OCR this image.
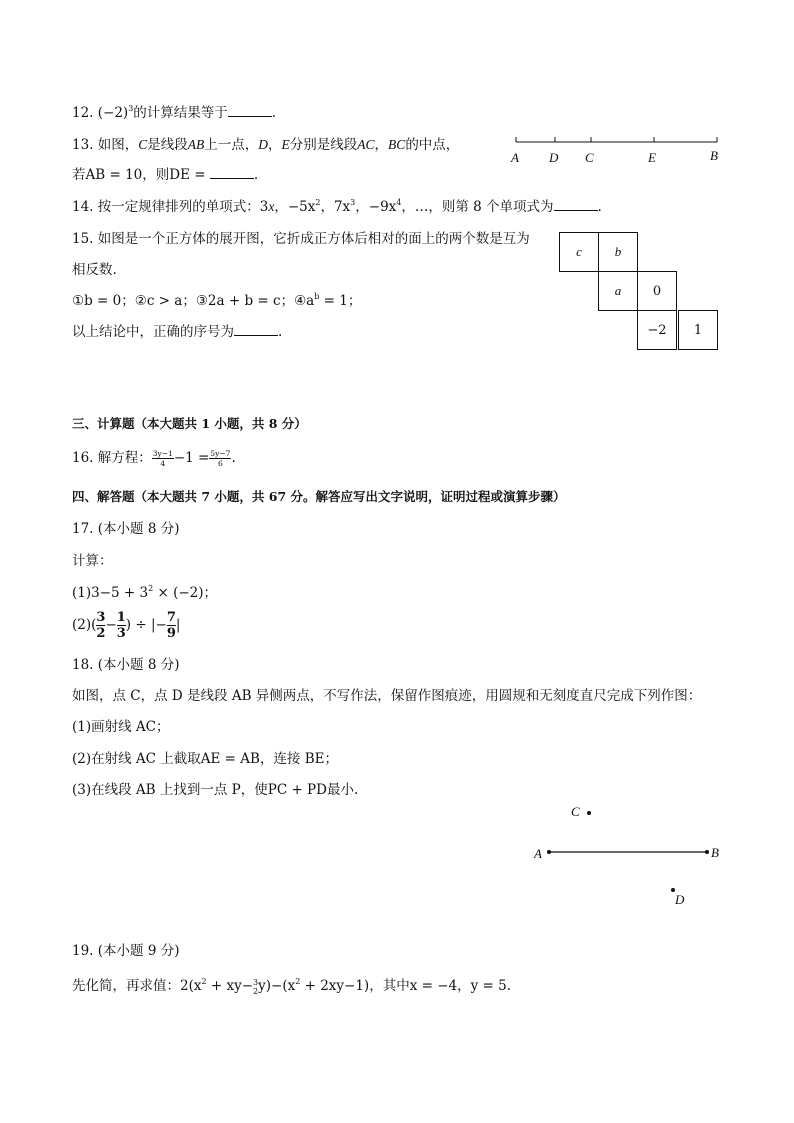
12. $(-2)^3$的计算结果等于	.
13. 如图，C是线段AB上一点，D，E分别是线段AC，BC的中点，
若AB = 10，则DE =	.
A D C	E	B
14. 按一定规律排列的单项式：3x，$-5x^2$，$7x^3$，$-9x^4$，…，则第 8 个单项式为	.
15. 如图是一个正方体的展开图，它折成正方体后相对的面上的两个数是互为
相反数.
①b = 0；②c > a；③2a + b = c；$④a^b = 1$；
以上结论中，正确的序号为	.
c	b
a	0
−2	1
三、计算题（本大题共 1 小题，共 8 分）
16. 解方程： $\frac{3y-1}{4} -1 = \frac{5y-7}{6}$ .
四、解答题（本大题共 7 小题，共 67 分。解答应写出文字说明，证明过程或演算步骤）
17. (本小题 8 分)
计算：
$(1)3-5 + 3^2 \times (-2)$；
$(2)( \frac{3}{2} - \frac{1}{3}$ ) ÷ |− $\frac{7}{9}$ |
18. (本小题 8 分)
如图，点 C，点 D 是线段 AB 异侧两点，不写作法，保留作图痕迹，用圆规和无刻度直尺完成下列作图：
(1)画射线 AC；
(2)在射线 AC 上截取AE = AB，连接 BE；
(3)在线段 AB 上找到一点 P，使PC + PD最小.
C
A	B
D
19. (本小题 9 分)
先化简，再求值：$2(x^2 + xy- 3$
2 $y)-(x^2 + 2xy-1)$，其中x = −4，y = 5.
